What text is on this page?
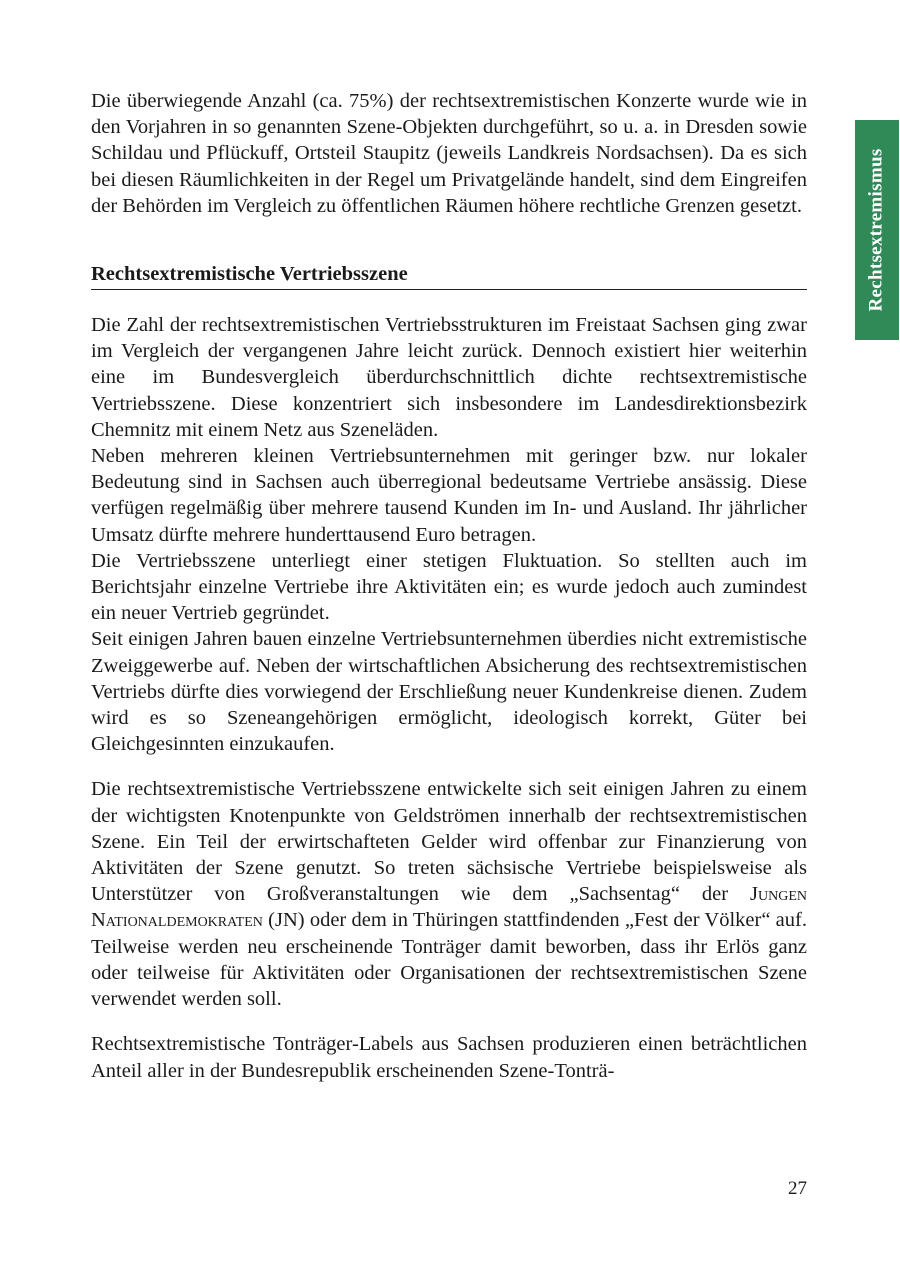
Rechtsextremismus

Die überwiegende Anzahl (ca. 75%) der rechtsextremistischen Konzerte wurde wie in den Vorjahren in so genannten Szene-Objekten durchgeführt, so u. a. in Dresden sowie Schildau und Pflückuff, Ortsteil Staupitz (jeweils Landkreis Nordsachsen). Da es sich bei diesen Räumlichkeiten in der Regel um Privatgelände handelt, sind dem Eingreifen der Behörden im Vergleich zu öffentlichen Räumen höhere rechtliche Grenzen gesetzt.

Rechtsextremistische Vertriebsszene

Die Zahl der rechtsextremistischen Vertriebsstrukturen im Freistaat Sachsen ging zwar im Vergleich der vergangenen Jahre leicht zurück. Dennoch existiert hier weiterhin eine im Bundesvergleich überdurchschnittlich dichte rechtsextremistische Vertriebsszene. Diese konzentriert sich insbesondere im Landesdirektionsbezirk Chemnitz mit einem Netz aus Szeneläden.

Neben mehreren kleinen Vertriebsunternehmen mit geringer bzw. nur lokaler Bedeutung sind in Sachsen auch überregional bedeutsame Vertriebe ansässig. Diese verfügen regelmäßig über mehrere tausend Kunden im In- und Ausland. Ihr jährlicher Umsatz dürfte mehrere hunderttausend Euro betragen.

Die Vertriebsszene unterliegt einer stetigen Fluktuation. So stellten auch im Berichtsjahr einzelne Vertriebe ihre Aktivitäten ein; es wurde jedoch auch zumindest ein neuer Vertrieb gegründet.

Seit einigen Jahren bauen einzelne Vertriebsunternehmen überdies nicht extremistische Zweiggewerbe auf. Neben der wirtschaftlichen Absicherung des rechtsextremistischen Vertriebs dürfte dies vorwiegend der Erschließung neuer Kundenkreise dienen. Zudem wird es so Szeneangehörigen ermöglicht, ideologisch korrekt, Güter bei Gleichgesinnten einzukaufen.

Die rechtsextremistische Vertriebsszene entwickelte sich seit einigen Jahren zu einem der wichtigsten Knotenpunkte von Geldströmen innerhalb der rechtsextremistischen Szene. Ein Teil der erwirtschafteten Gelder wird offenbar zur Finanzierung von Aktivitäten der Szene genutzt. So treten sächsische Vertriebe beispielsweise als Unterstützer von Großveranstaltungen wie dem „Sachsentag“ der Jungen Nationaldemokraten (JN) oder dem in Thüringen stattfindenden „Fest der Völker“ auf. Teilweise werden neu erscheinende Tonträger damit beworben, dass ihr Erlös ganz oder teilweise für Aktivitäten oder Organisationen der rechtsextremistischen Szene verwendet werden soll.

Rechtsextremistische Tonträger-Labels aus Sachsen produzieren einen beträchtlichen Anteil aller in der Bundesrepublik erscheinenden Szene-Tonträ-

27
